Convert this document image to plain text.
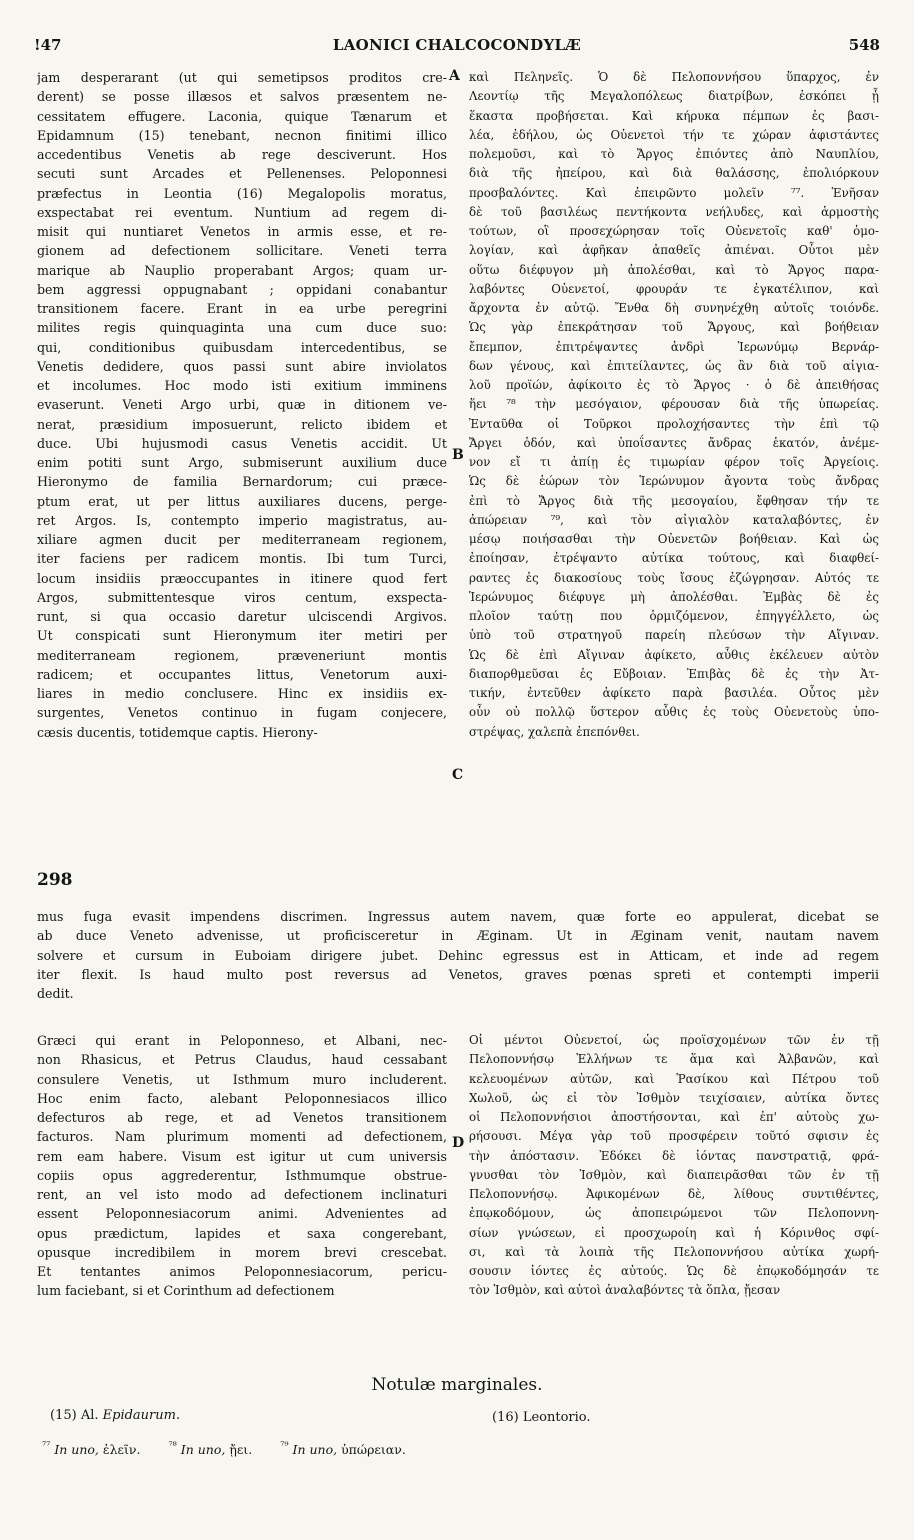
!47	LAONICI CHALCOCONDYLÆ	548
jam desperarant (ut qui semetipsos proditos cre-
derent) se posse illæsos et salvos præsentem ne-
cessitatem effugere. Laconia, quique Tænarum et
Epidamnum (15) tenebant, necnon finitimi illico
accedentibus Venetis ab rege desciverunt. Hos
secuti sunt Arcades et Pellenenses. Peloponnesi
præfectus in Leontia (16) Megalopolis moratus,
exspectabat rei eventum. Nuntium ad regem di-
misit qui nuntiaret Venetos in armis esse, et re-
gionem ad defectionem sollicitare. Veneti terra
marique ab Nauplio properabant Argos; quam ur-
bem aggressi oppugnabant ; oppidani conabantur
transitionem facere. Erant in ea urbe peregrini
milites regis quinquaginta una cum duce suo:
qui, conditionibus quibusdam intercedentibus, se
Venetis dedidere, quos passi sunt abire inviolatos
et incolumes. Hoc modo isti exitium imminens
evaserunt. Veneti Argo urbi, quæ in ditionem ve-
nerat, præsidium imposuerunt, relicto ibidem et
duce. Ubi hujusmodi casus Venetis accidit. Ut
enim potiti sunt Argo, submiserunt auxilium duce
Hieronymo de familia Bernardorum; cui præce-
ptum erat, ut per littus auxiliares ducens, perge-
ret Argos. Is, contempto imperio magistratus, au-
xiliare agmen ducit per mediterraneam regionem,
iter faciens per radicem montis. Ibi tum Turci,
locum insidiis præoccupantes in itinere quod fert
Argos, submittentesque viros centum, exspecta-
runt, si qua occasio daretur ulciscendi Argivos.
Ut conspicati sunt Hieronymum iter metiri per
mediterraneam regionem, præveneriunt montis
radicem; et occupantes littus, Venetorum auxi-
liares in medio conclusere. Hinc ex insidiis ex-
surgentes, Venetos continuo in fugam conjecere,
cæsis ducentis, totidemque captis. Hierony-
καὶ Πεληνεῖς. Ὁ δὲ Πελοποννήσου ὕπαρχος, ἐν
Λεοντίῳ τῆς Μεγαλοπόλεως διατρίβων, ἐσκόπει ᾗ
ἕκαστα προβήσεται. Καὶ κήρυκα πέμπων ἐς βασι-
λέα, ἐδήλου, ὡς Οὐενετοὶ τήν τε χώραν ἀφιστάντες
πολεμοῦσι, καὶ τὸ Ἄργος ἐπιόντες ἀπὸ Ναυπλίου,
διὰ τῆς ἠπείρου, καὶ διὰ θαλάσσης, ἐπολιόρκουν
προσβαλόντες. Καὶ ἐπειρῶντο μολεῖν ⁷⁷. Ἐνῆσαν
δὲ τοῦ βασιλέως πεντήκοντα νεήλυδες, καὶ ἁρμοστὴς
τούτων, οἳ προσεχώρησαν τοῖς Οὐενετοῖς καθ' ὁμο-
λογίαν, καὶ ἀφῆκαν ἀπαθεῖς ἀπιέναι. Οὗτοι μὲν
οὕτω διέφυγον μὴ ἀπολέσθαι, καὶ τὸ Ἄργος παρα-
λαβόντες Οὐενετοί, φρουράν τε ἐγκατέλιπον, καὶ
ἄρχοντα ἐν αὐτῷ. Ἔνθα δὴ συνηνέχθη αὐτοῖς τοιόνδε.
Ὡς γὰρ ἐπεκράτησαν τοῦ Ἄργους, καὶ βοήθειαν
ἔπεμπον, ἐπιτρέψαντες ἀνδρὶ Ἱερωνύμῳ Βερνάρ-
δων γένους, καὶ ἐπιτείλαντες, ὡς ἂν διὰ τοῦ αἰγια-
λοῦ προϊών, ἀφίκοιτο ἐς τὸ Ἄργος · ὁ δὲ ἀπειθήσας
ἥει ⁷⁸ τὴν μεσόγαιον, φέρουσαν διὰ τῆς ὑπωρείας.
Ἐνταῦθα οἱ Τοῦρκοι προλοχήσαντες τὴν ἐπὶ τῷ
Ἄργει ὁδόν, καὶ ὑποΐσαντες ἄνδρας ἑκατόν, ἀνέμε-
νον εἴ τι ἀπίῃ ἐς τιμωρίαν φέρον τοῖς Ἀργείοις.
Ὡς δὲ ἑώρων τὸν Ἱερώνυμον ἄγοντα τοὺς ἄνδρας
ἐπὶ τὸ Ἄργος διὰ τῆς μεσογαίου, ἔφθησαν τήν τε
ἀπώρειαν ⁷⁹, καὶ τὸν αἰγιαλὸν καταλαβόντες, ἐν
μέσῳ ποιήσασθαι τὴν Οὐενετῶν βοήθειαν. Καὶ ὡς
ἐποίησαν, ἐτρέψαντο αὐτίκα τούτους, καὶ διαφθεί-
ραντες ἐς διακοσίους τοὺς ἴσους ἐζώγρησαν. Αὐτός τε
Ἱερώνυμος διέφυγε μὴ ἀπολέσθαι. Ἐμβὰς δὲ ἐς
πλοῖον ταύτῃ που ὁρμιζόμενον, ἐπηγγέλλετο, ὡς
ὑπὸ τοῦ στρατηγοῦ παρείη πλεύσων τὴν Αἴγιναν.
Ὡς δὲ ἐπὶ Αἴγιναν ἀφίκετο, αὖθις ἐκέλευεν αὐτὸν
διαπορθμεῦσαι ἐς Εὔβοιαν. Ἐπιβὰς δὲ ἐς τὴν Ἀτ-
τικήν, ἐντεῦθεν ἀφίκετο παρὰ βασιλέα. Οὗτος μὲν
οὖν οὐ πολλῷ ὕστερον αὖθις ἐς τοὺς Οὐενετοὺς ὑπο-
στρέψας, χαλεπὰ ἐπεπόνθει.
mus fuga evasit impendens discrimen. Ingressus autem navem, quæ forte eo appulerat, dicebat se
ab duce Veneto advenisse, ut proficisceretur in Æginam. Ut in Æginam venit, nautam navem
solvere et cursum in Euboiam dirigere jubet. Dehinc egressus est in Atticam, et inde ad regem
iter flexit. Is haud multo post reversus ad Venetos, graves pœnas spreti et contempti imperii
dedit.
Græci qui erant in Peloponneso, et Albani, nec-
non Rhasicus, et Petrus Claudus, haud cessabant
consulere Venetis, ut Isthmum muro includerent.
Hoc enim facto, alebant Peloponnesiacos illico
defecturos ab rege, et ad Venetos transitionem
facturos. Nam plurimum momenti ad defectionem,
rem eam habere. Visum est igitur ut cum universis
copiis opus aggrederentur, Isthmumque obstrue-
rent, an vel isto modo ad defectionem inclinaturi
essent Peloponnesiacorum animi. Advenientes ad
opus prædictum, lapides et saxa congerebant,
opusque incredibilem in morem brevi crescebat.
Et tentantes animos Peloponnesiacorum, pericu-
lum faciebant, si et Corinthum ad defectionem
Οἱ μέντοι Οὐενετοί, ὡς προϊσχομένων τῶν ἐν τῇ
Πελοποννήσῳ Ἑλλήνων τε ἅμα καὶ Ἀλβανῶν, καὶ
κελευομένων αὐτῶν, καὶ Ῥασίκου καὶ Πέτρου τοῦ
Χωλοῦ, ὡς εἰ τὸν Ἰσθμὸν τειχίσαιεν, αὐτίκα ὄντες
οἱ Πελοποννήσιοι ἀποστήσονται, καὶ ἐπ' αὐτοὺς χω-
ρήσουσι. Μέγα γὰρ τοῦ προσφέρειν τοῦτό σφισιν ἐς
τὴν ἀπόστασιν. Ἐδόκει δὲ ἰόντας πανστρατιᾷ, φρά-
γνυσθαι τὸν Ἰσθμὸν, καὶ διαπειρᾶσθαι τῶν ἐν τῇ
Πελοποννήσῳ. Ἀφικομένων δὲ, λίθους συντιθέντες,
ἐπῳκοδόμουν, ὡς ἀποπειρώμενοι τῶν Πελοποννη-
σίων γνώσεων, εἰ προσχωροίη καὶ ἡ Κόρινθος σφί-
σι, καὶ τὰ λοιπὰ τῆς Πελοποννήσου αὐτίκα χωρή-
σουσιν ἰόντες ἐς αὐτούς. Ὡς δὲ ἐπῳκοδόμησάν τε
τὸν Ἰσθμὸν, καὶ αὐτοὶ ἀναλαβόντες τὰ ὅπλα, ᾔεσαν
A
B
C
D
298
Notulæ marginales.
(15) Al. Epidaurum.	(16) Leontorio.
$^{^{77}}$ In uno, ἐλεῖν.	$^{^{78}}$ In uno, ᾔει.	$^{^{79}}$ In uno, ὑπώρειαν.
